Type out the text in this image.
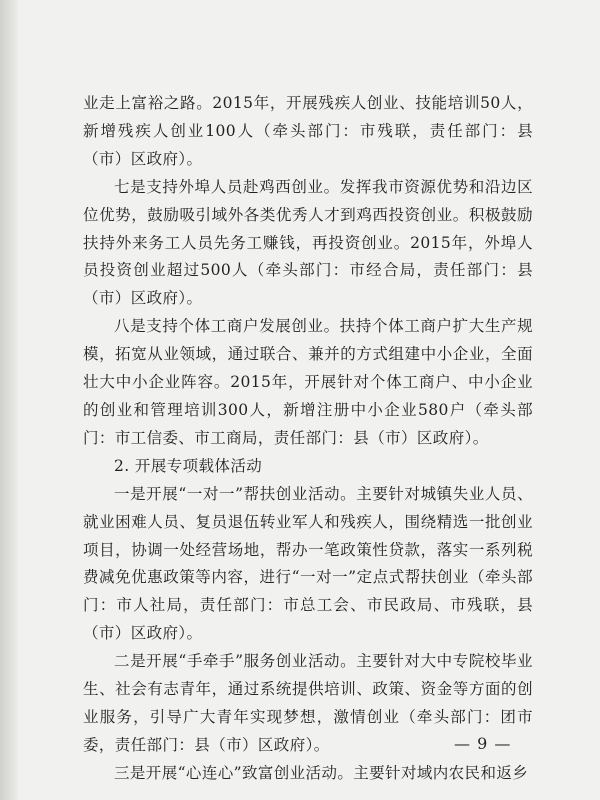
业走上富裕之路。2015年，开展残疾人创业、技能培训50人，新增残疾人创业100人（牵头部门：市残联，责任部门：县（市）区政府）。

七是支持外埠人员赴鸡西创业。发挥我市资源优势和沿边区位优势，鼓励吸引域外各类优秀人才到鸡西投资创业。积极鼓励扶持外来务工人员先务工赚钱，再投资创业。2015年，外埠人员投资创业超过500人（牵头部门：市经合局，责任部门：县（市）区政府）。

八是支持个体工商户发展创业。扶持个体工商户扩大生产规模，拓宽从业领域，通过联合、兼并的方式组建中小企业，全面壮大中小企业阵容。2015年，开展针对个体工商户、中小企业的创业和管理培训300人，新增注册中小企业580户（牵头部门：市工信委、市工商局，责任部门：县（市）区政府）。

2. 开展专项载体活动

一是开展“一对一”帮扶创业活动。主要针对城镇失业人员、就业困难人员、复员退伍转业军人和残疾人，围绕精选一批创业项目，协调一处经营场地，帮办一笔政策性贷款，落实一系列税费减免优惠政策等内容，进行“一对一”定点式帮扶创业（牵头部门：市人社局，责任部门：市总工会、市民政局、市残联，县（市）区政府）。

二是开展“手牵手”服务创业活动。主要针对大中专院校毕业生、社会有志青年，通过系统提供培训、政策、资金等方面的创业服务，引导广大青年实现梦想，激情创业（牵头部门：团市委，责任部门：县（市）区政府）。

三是开展“心连心”致富创业活动。主要针对域内农民和返乡

— 9 —
